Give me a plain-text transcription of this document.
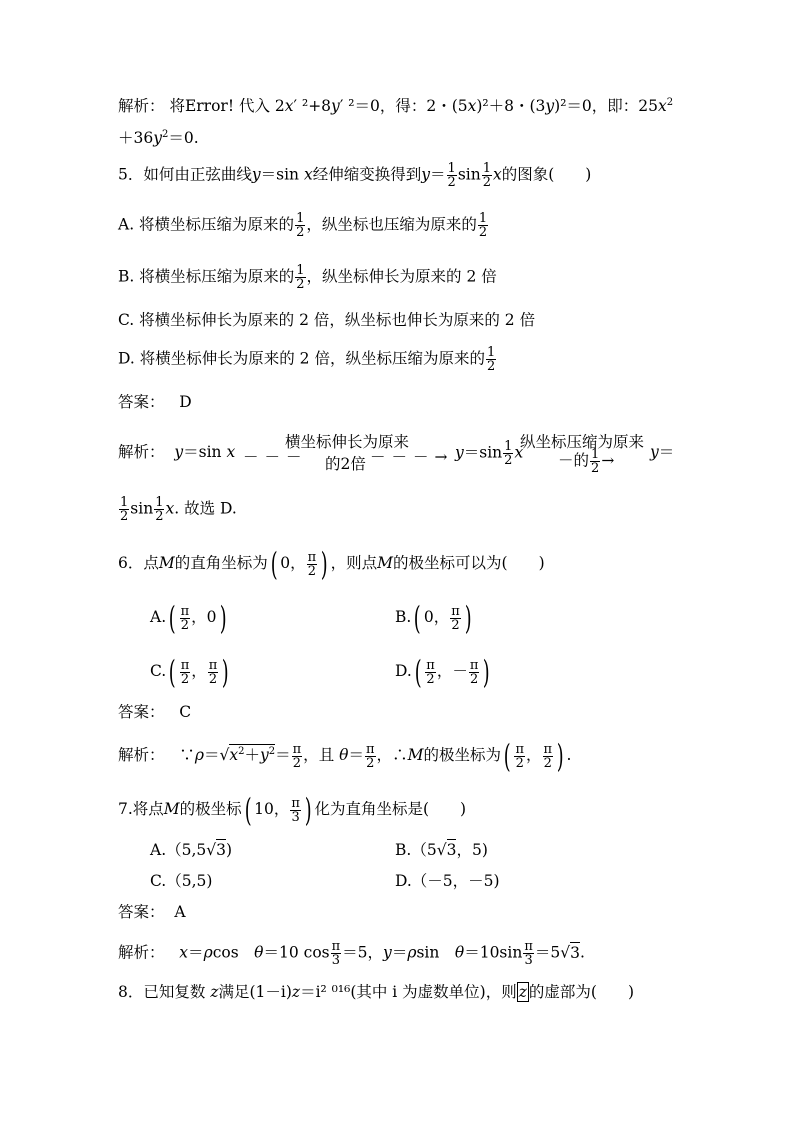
解析： 将Error! 代入 2x′ ²+8y′ ²＝0，得：2・(5x)²＋8・(3y)²＝0，即：$25x^2$
$+36y^2=0$.
5．如何由正弦曲线y＝sin x经伸缩变换得到$y= \frac{1}{2}$ $\sin \frac{1}{2}$ x的图象(　　)
A. 将横坐标压缩为原来的 $\frac{1}{2}$ ，纵坐标也压缩为原来的 $\frac{1}{2}$
B. 将横坐标压缩为原来的 $\frac{1}{2}$ ，纵坐标伸长为原来的 2 倍
C. 将横坐标伸长为原来的 2 倍，纵坐标也伸长为原来的 2 倍
D. 将横坐标伸长为原来的 2 倍，纵坐标压缩为原来的 $\frac{1}{2}$
答案： D
解析： y＝sin x －－－
横坐标伸长为原来
的2倍 －－－→ $y=\sin \frac{1}{2}$ x
纵坐标压缩为原来
－的 $\frac{1}{2} \to y=$
$\frac{1}{2}$ $\sin \frac{1}{2} x$. 故选 D.
6．点M的直角坐标为( 0， $\frac{\pi}{2}$ ) ，则点M的极坐标可以为(　　)
$A.( \frac{\pi}{2}$ ，0)	B.( 0， $\frac{\pi}{2}$ )
$C.( \frac{\pi}{2}$ ， $\frac{\pi}{2}$ )	$D.( \frac{\pi}{2}$ ，－ $\frac{\pi}{2}$ )
答案： C
解析： $\because\rho=√x^2+y^2= \frac{\pi}{2}$ ，且 $\theta= \frac{\pi}{2}$ ，∴M的极坐标为( $\frac{\pi}{2}$ ， $\frac{\pi}{2}$ ) .
7.将点M的极坐标( 10， $\frac{\pi}{3}$ ) 化为直角坐标是(　　)
A.（5,5√3)	B.（5√3，5)
C.（5,5)	D.（－5，－5)
答案： A
解析： x＝ρcos　θ＝10 $\cos \frac{\pi}{3} =5$，y＝ρsin　$\theta=10\sin \frac{\pi}{3} =5√3$.
8．已知复数 z满足(1－i)z＝i² ⁰¹⁶(其中 i 为虚数单位)，则 z 的虚部为(　　)
